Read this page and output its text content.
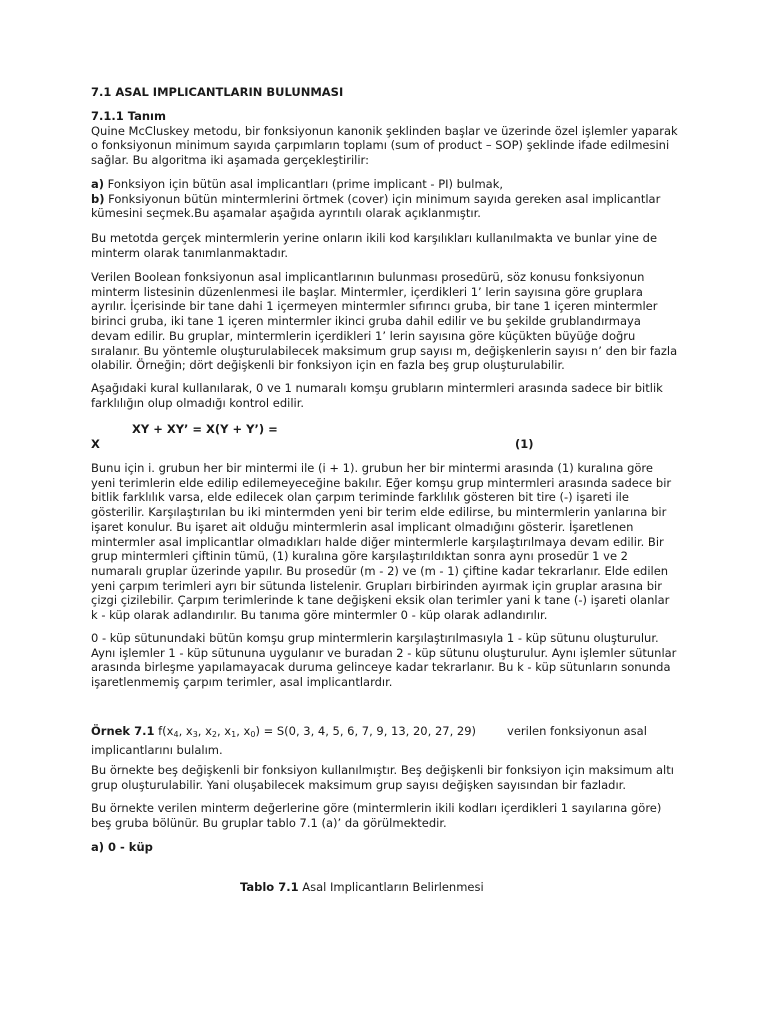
7.1 ASAL IMPLICANTLARIN BULUNMASI

7.1.1 Tanım

Quine McCluskey metodu, bir fonksiyonun kanonik şeklinden başlar ve üzerinde özel işlemler yaparak o fonksiyonun minimum sayıda çarpımların toplamı (sum of product – SOP) şeklinde ifade edilmesini sağlar. Bu algoritma iki aşamada gerçekleştirilir:

a) Fonksiyon için bütün asal implicantları (prime implicant - PI) bulmak,

b) Fonksiyonun bütün mintermlerini örtmek (cover) için minimum sayıda gereken asal implicantlar kümesini seçmek.Bu aşamalar aşağıda ayrıntılı olarak açıklanmıştır.

Bu metotda gerçek mintermlerin yerine onların ikili kod karşılıkları kullanılmakta ve bunlar yine de minterm olarak tanımlanmaktadır.
Verilen Boolean fonksiyonun asal implicantlarının bulunması prosedürü, söz konusu fonksiyonun minterm listesinin düzenlenmesi ile başlar. Mintermler, içerdikleri 1’ lerin sayısına göre gruplara ayrılır. İçerisinde bir tane dahi 1 içermeyen mintermler sıfırıncı gruba, bir tane 1 içeren mintermler birinci gruba, iki tane 1 içeren mintermler ikinci gruba dahil edilir ve bu şekilde grublandırmaya devam edilir. Bu gruplar, mintermlerin içerdikleri 1’ lerin sayısına göre küçükten büyüğe doğru sıralanır. Bu yöntemle oluşturulabilecek maksimum grup sayısı m, değişkenlerin sayısı n’ den bir fazla olabilir. Örneğin; dört değişkenli bir fonksiyon için en fazla beş grup oluşturulabilir.
Aşağıdaki kural kullanılarak, 0 ve 1 numaralı komşu grubların mintermleri arasında sadece bir bitlik farklılığın olup olmadığı kontrol edilir.
XY + XY’ = X(Y + Y’) =
X	(1)
Bunu için i. grubun her bir mintermi ile (i + 1). grubun her bir mintermi arasında (1) kuralına göre yeni terimlerin elde edilip edilemeyeceğine bakılır. Eğer komşu grup mintermleri arasında sadece bir bitlik farklılık varsa, elde edilecek olan çarpım teriminde farklılık gösteren bit tire (-) işareti ile gösterilir. Karşılaştırılan bu iki mintermden yeni bir terim elde edilirse, bu mintermlerin yanlarına bir işaret konulur. Bu işaret ait olduğu mintermlerin asal implicant olmadığını gösterir. İşaretlenen mintermler asal implicantlar olmadıkları halde diğer mintermlerle karşılaştırılmaya devam edilir. Bir grup mintermleri çiftinin tümü, (1) kuralına göre karşılaştırıldıktan sonra aynı prosedür 1 ve 2 numaralı gruplar üzerinde yapılır. Bu prosedür (m - 2) ve (m - 1) çiftine kadar tekrarlanır. Elde edilen yeni çarpım terimleri ayrı bir sütunda listelenir. Grupları birbirinden ayırmak için gruplar arasına bir çizgi çizilebilir. Çarpım terimlerinde k tane değişkeni eksik olan terimler yani k tane (-) işareti olanlar k - küp olarak adlandırılır. Bu tanıma göre mintermler 0 - küp olarak adlandırılır.
0 - küp sütunundaki bütün komşu grup mintermlerin karşılaştırılmasıyla 1 - küp sütunu oluşturulur. Aynı işlemler 1 - küp sütununa uygulanır ve buradan 2 - küp sütunu oluşturulur. Aynı işlemler sütunlar arasında birleşme yapılamayacak duruma gelinceye kadar tekrarlanır. Bu k - küp sütunların sonunda işaretlenmemiş çarpım terimler, asal implicantlardır.
Örnek 7.1 $f(x_4$, $x_3$, $x_2$, $x_1$, $x_0) = S(0$, 3, 4, 5, 6, 7, 9, 13, 20, 27, 29)	verilen fonksiyonun asal implicantlarını bulalım.
Bu örnekte beş değişkenli bir fonksiyon kullanılmıştır. Beş değişkenli bir fonksiyon için maksimum altı grup oluşturulabilir. Yani oluşabilecek maksimum grup sayısı değişken sayısından bir fazladır.
Bu örnekte verilen minterm değerlerine göre (mintermlerin ikili kodları içerdikleri 1 sayılarına göre) beş gruba bölünür. Bu gruplar tablo 7.1 (a)’ da görülmektedir.
a) 0 - küp
Tablo 7.1 Asal Implicantların Belirlenmesi
